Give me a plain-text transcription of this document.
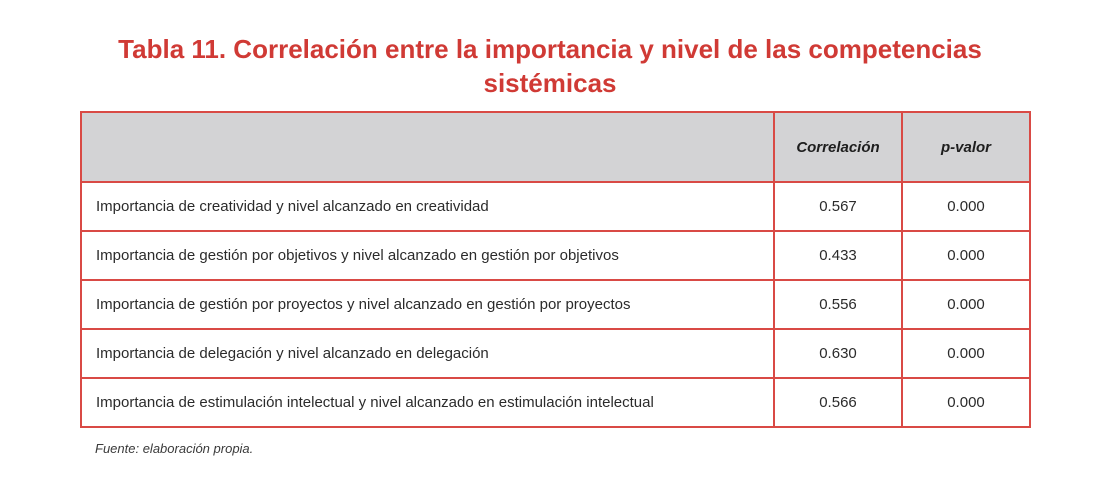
Tabla 11. Correlación entre la importancia y nivel de las competencias
sistémicas
	Correlación	p-valor
Importancia de creatividad y nivel alcanzado en creatividad	0.567	0.000
Importancia de gestión por objetivos y nivel alcanzado en gestión por objetivos	0.433	0.000
Importancia de gestión por proyectos y nivel alcanzado en gestión por proyectos	0.556	0.000
Importancia de delegación y nivel alcanzado en delegación	0.630	0.000
Importancia de estimulación intelectual y nivel alcanzado en estimulación intelectual	0.566	0.000
Fuente: elaboración propia.
